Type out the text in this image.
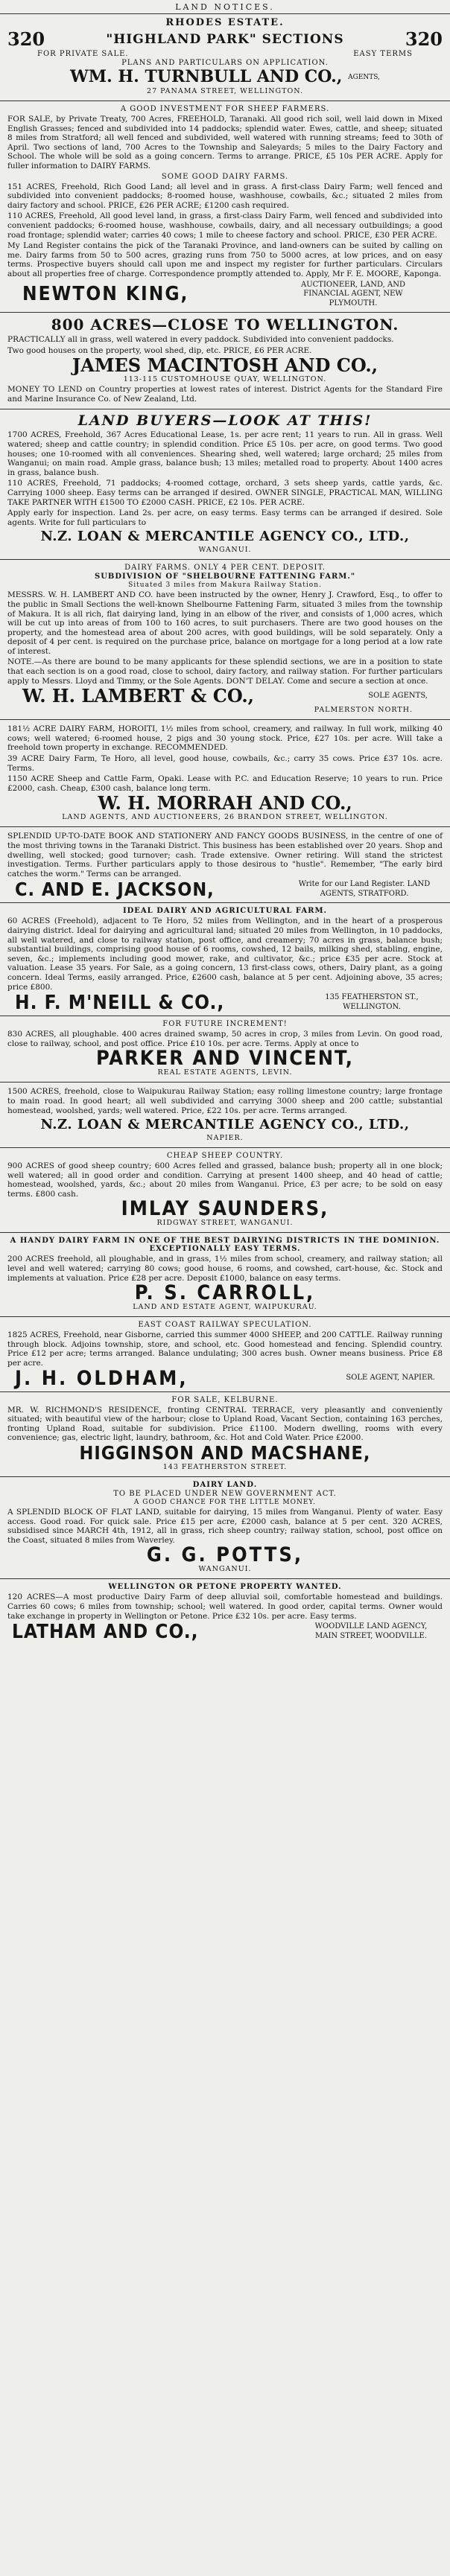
LAND NOTICES.
RHODES ESTATE.
320	"HIGHLAND PARK" SECTIONS	320
FOR PRIVATE SALE.	EASY TERMS
PLANS AND PARTICULARS ON APPLICATION.
WM. H. TURNBULL AND CO., AGENTS,
27 PANAMA STREET, WELLINGTON.
A GOOD INVESTMENT FOR SHEEP FARMERS.

FOR SALE, by Private Treaty, 700 Acres, FREEHOLD, Taranaki. All good rich soil, well laid down in Mixed English Grasses; fenced and subdivided into 14 paddocks; splendid water. Ewes, cattle, and sheep; situated 8 miles from Stratford; all well fenced and subdivided, well watered with running streams; feed to 30th of April. Two sections of land, 700 Acres to the Township and Saleyards; 5 miles to the Dairy Factory and School. The whole will be sold as a going concern. Terms to arrange. PRICE, £5 10s PER ACRE. Apply for fuller information to DAIRY FARMS.

SOME GOOD DAIRY FARMS.

151 ACRES, Freehold, Rich Good Land; all level and in grass. A first-class Dairy Farm; well fenced and subdivided into convenient paddocks; 8-roomed house, washhouse, cowbails, &c.; situated 2 miles from dairy factory and school. PRICE, £26 PER ACRE; £1200 cash required.

110 ACRES, Freehold, All good level land, in grass, a first-class Dairy Farm, well fenced and subdivided into convenient paddocks; 6-roomed house, washhouse, cowbails, dairy, and all necessary outbuildings; a good road frontage; splendid water; carries 40 cows; 1 mile to cheese factory and school. PRICE, £30 PER ACRE.

My Land Register contains the pick of the Taranaki Province, and land-owners can be suited by calling on me. Dairy farms from 50 to 500 acres, grazing runs from 750 to 5000 acres, at low prices, and on easy terms. Prospective buyers should call upon me and inspect my register for further particulars. Circulars about all properties free of charge. Correspondence promptly attended to. Apply, Mr F. E. MOORE, Kaponga.

NEWTON KING,	AUCTIONEER, LAND, AND FINANCIAL AGENT, NEW PLYMOUTH.
800 ACRES—CLOSE TO WELLINGTON.

PRACTICALLY all in grass, well watered in every paddock. Subdivided into convenient paddocks.

Two good houses on the property, wool shed, dip, etc. PRICE, £6 PER ACRE.

JAMES MACINTOSH AND CO.,
113-115 CUSTOMHOUSE QUAY, WELLINGTON.

MONEY TO LEND on Country properties at lowest rates of interest. District Agents for the Standard Fire and Marine Insurance Co. of New Zealand, Ltd.

LAND BUYERS—LOOK AT THIS!

1700 ACRES, Freehold, 367 Acres Educational Lease, 1s. per acre rent; 11 years to run. All in grass. Well watered; sheep and cattle country; in splendid condition. Price £5 10s. per acre, on good terms. Two good houses; one 10-roomed with all conveniences. Shearing shed, well watered; large orchard; 25 miles from Wanganui; on main road. Ample grass, balance bush; 13 miles; metalled road to property. About 1400 acres in grass, balance bush.

110 ACRES, Freehold, 71 paddocks; 4-roomed cottage, orchard, 3 sets sheep yards, cattle yards, &c. Carrying 1000 sheep. Easy terms can be arranged if desired. OWNER SINGLE, PRACTICAL MAN, WILLING TAKE PARTNER WITH £1500 TO £2000 CASH. PRICE, £2 10s. PER ACRE.

Apply early for inspection. Land 2s. per acre, on easy terms. Easy terms can be arranged if desired. Sole agents. Write for full particulars to

N.Z. LOAN & MERCANTILE AGENCY CO., LTD.,
WANGANUI.
DAIRY FARMS. ONLY 4 PER CENT. DEPOSIT.
SUBDIVISION OF "SHELBOURNE FATTENING FARM."
Situated 3 miles from Makura Railway Station.

MESSRS. W. H. LAMBERT AND CO. have been instructed by the owner, Henry J. Crawford, Esq., to offer to the public in Small Sections the well-known Shelbourne Fattening Farm, situated 3 miles from the township of Makura. It is all rich, flat dairying land, lying in an elbow of the river, and consists of 1,000 acres, which will be cut up into areas of from 100 to 160 acres, to suit purchasers. There are two good houses on the property, and the homestead area of about 200 acres, with good buildings, will be sold separately. Only a deposit of 4 per cent. is required on the purchase price, balance on mortgage for a long period at a low rate of interest.

NOTE.—As there are bound to be many applicants for these splendid sections, we are in a position to state that each section is on a good road, close to school, dairy factory, and railway station. For further particulars apply to Messrs. Lloyd and Timmy, or the Sole Agents. DON'T DELAY. Come and secure a section at once.

W. H. LAMBERT & CO.,	SOLE AGENTS,
PALMERSTON NORTH.

181½ ACRE DAIRY FARM, HOROITI, 1½ miles from school, creamery, and railway. In full work, milking 40 cows; well watered; 6-roomed house, 2 pigs and 30 young stock. Price, £27 10s. per acre. Will take a freehold town property in exchange. RECOMMENDED.

39 ACRE Dairy Farm, Te Horo, all level, good house, cowbails, &c.; carry 35 cows. Price £37 10s. acre. Terms.

1150 ACRE Sheep and Cattle Farm, Opaki. Lease with P.C. and Education Reserve; 10 years to run. Price £2000, cash. Cheap, £300 cash, balance long term.

W. H. MORRAH AND CO.,
LAND AGENTS, AND AUCTIONEERS, 26 BRANDON STREET, WELLINGTON.

SPLENDID UP-TO-DATE BOOK AND STATIONERY AND FANCY GOODS BUSINESS, in the centre of one of the most thriving towns in the Taranaki District. This business has been established over 20 years. Shop and dwelling, well stocked; good turnover; cash. Trade extensive. Owner retiring. Will stand the strictest investigation. Terms. Further particulars apply to those desirous to "hustle". Remember, "The early bird catches the worm." Terms can be arranged.

C. AND E. JACKSON,	Write for our Land Register. LAND AGENTS, STRATFORD.
IDEAL DAIRY AND AGRICULTURAL FARM.

60 ACRES (Freehold), adjacent to Te Horo, 52 miles from Wellington, and in the heart of a prosperous dairying district. Ideal for dairying and agricultural land; situated 20 miles from Wellington, in 10 paddocks, all well watered, and close to railway station, post office, and creamery; 70 acres in grass, balance bush; substantial buildings, comprising good house of 6 rooms, cowshed, 12 bails, milking shed, stabling, engine, seven, &c.; implements including good mower, rake, and cultivator, &c.; price £35 per acre. Stock at valuation. Lease 35 years. For Sale, as a going concern, 13 first-class cows, others, Dairy plant, as a going concern. Ideal Terms, easily arranged. Price, £2600 cash, balance at 5 per cent. Adjoining above, 35 acres; price £800.

H. F. M'NEILL & CO.,	135 FEATHERSTON ST., WELLINGTON.
FOR FUTURE INCREMENT!

830 ACRES, all ploughable. 400 acres drained swamp, 50 acres in crop, 3 miles from Levin. On good road, close to railway, school, and post office. Price £10 10s. per acre. Terms. Apply at once to

PARKER AND VINCENT,
REAL ESTATE AGENTS, LEVIN.

1500 ACRES, freehold, close to Waipukurau Railway Station; easy rolling limestone country; large frontage to main road. In good heart; all well subdivided and carrying 3000 sheep and 200 cattle; substantial homestead, woolshed, yards; well watered. Price, £22 10s. per acre. Terms arranged.

N.Z. LOAN & MERCANTILE AGENCY CO., LTD.,
NAPIER.
CHEAP SHEEP COUNTRY.

900 ACRES of good sheep country; 600 Acres felled and grassed, balance bush; property all in one block; well watered; all in good order and condition. Carrying at present 1400 sheep, and 40 head of cattle; homestead, woolshed, yards, &c.; about 20 miles from Wanganui. Price, £3 per acre; to be sold on easy terms. £800 cash.

IMLAY SAUNDERS,
RIDGWAY STREET, WANGANUI.
A HANDY DAIRY FARM IN ONE OF THE BEST DAIRYING DISTRICTS IN THE DOMINION. EXCEPTIONALLY EASY TERMS.

200 ACRES freehold, all ploughable, and in grass, 1½ miles from school, creamery, and railway station; all level and well watered; carrying 80 cows; good house, 6 rooms, and cowshed, cart-house, &c. Stock and implements at valuation. Price £28 per acre. Deposit £1000, balance on easy terms.

P. S. CARROLL,
LAND AND ESTATE AGENT, WAIPUKURAU.
EAST COAST RAILWAY SPECULATION.

1825 ACRES, Freehold, near Gisborne, carried this summer 4000 SHEEP, and 200 CATTLE. Railway running through block. Adjoins township, store, and school, etc. Good homestead and fencing. Splendid country. Price £12 per acre; terms arranged. Balance undulating; 300 acres bush. Owner means business. Price £8 per acre.

J. H. OLDHAM,	SOLE AGENT, NAPIER.
FOR SALE, KELBURNE.

MR. W. RICHMOND'S RESIDENCE, fronting CENTRAL TERRACE, very pleasantly and conveniently situated; with beautiful view of the harbour; close to Upland Road, Vacant Section, containing 163 perches, fronting Upland Road, suitable for subdivision. Price £1100. Modern dwelling, rooms with every convenience; gas, electric light, laundry, bathroom, &c. Hot and Cold Water. Price £2000.

HIGGINSON AND MACSHANE,
143 FEATHERSTON STREET.
DAIRY LAND.
TO BE PLACED UNDER NEW GOVERNMENT ACT.
A GOOD CHANCE FOR THE LITTLE MONEY.

A SPLENDID BLOCK OF FLAT LAND, suitable for dairying, 15 miles from Wanganui. Plenty of water. Easy access. Good road. For quick sale. Price £15 per acre, £2000 cash, balance at 5 per cent. 320 ACRES, subsidised since MARCH 4th, 1912, all in grass, rich sheep country; railway station, school, post office on the Coast, situated 8 miles from Waverley.

G. G. POTTS,
WANGANUI.
WELLINGTON OR PETONE PROPERTY WANTED.

120 ACRES—A most productive Dairy Farm of deep alluvial soil, comfortable homestead and buildings. Carries 60 cows; 6 miles from township; school; well watered. In good order, capital terms. Owner would take exchange in property in Wellington or Petone. Price £32 10s. per acre. Easy terms.

LATHAM AND CO.,	WOODVILLE LAND AGENCY, MAIN STREET, WOODVILLE.
